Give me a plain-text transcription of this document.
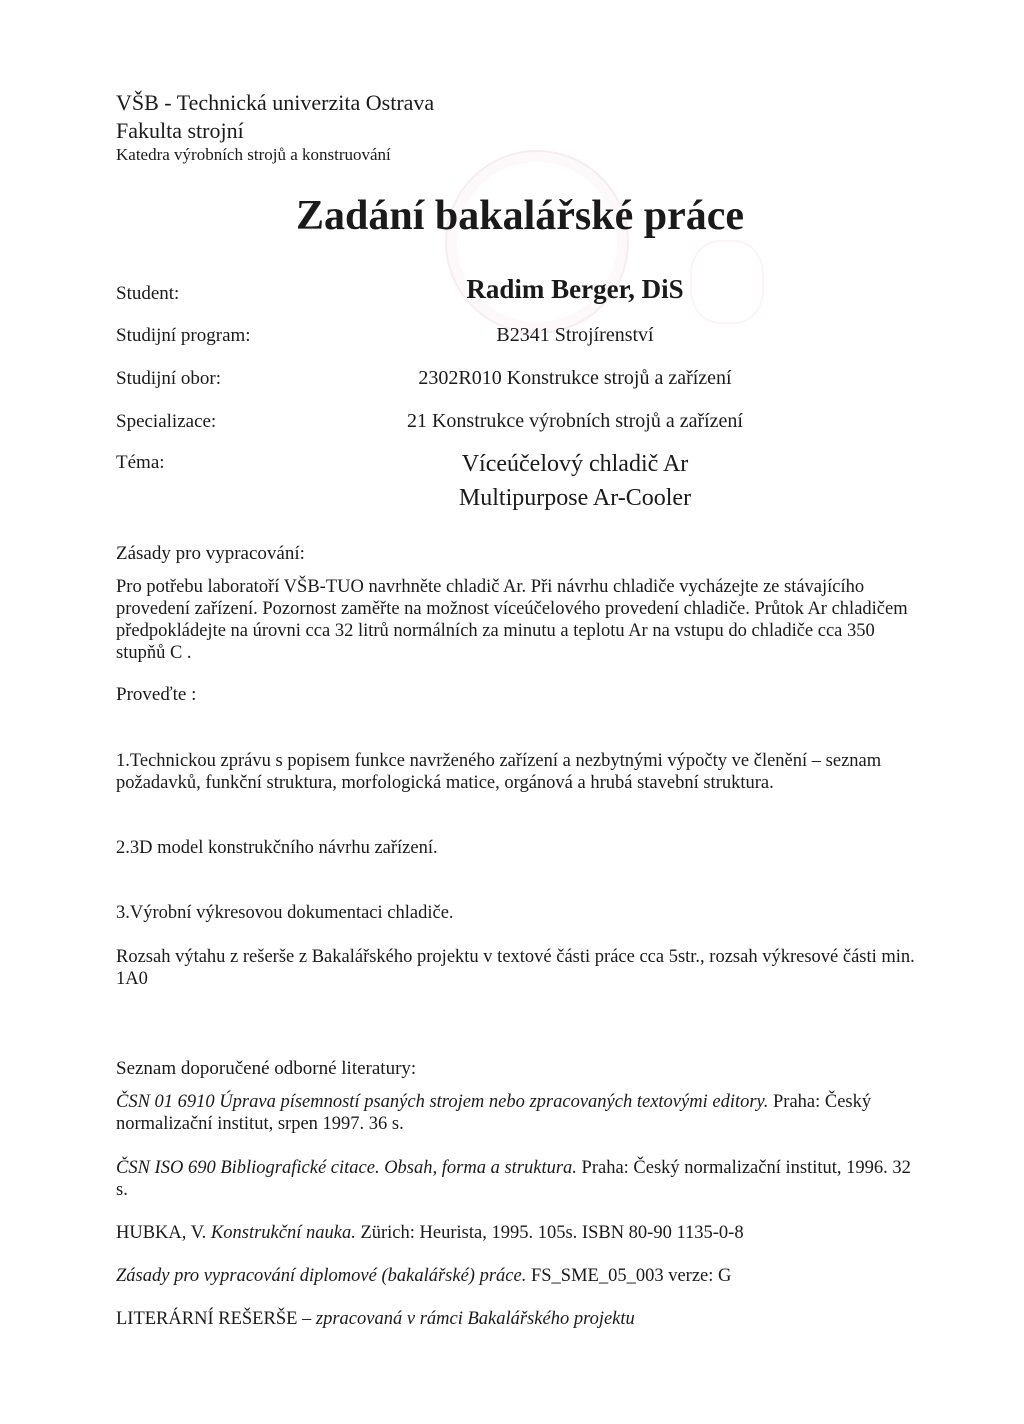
VŠB - Technická univerzita Ostrava

Fakulta strojní

Katedra výrobních strojů a konstruování

Zadání bakalářské práce

Student:	Radim Berger, DiS

Studijní program:	B2341 Strojírenství

Studijní obor:	2302R010 Konstrukce strojů a zařízení

Specializace:	21 Konstrukce výrobních strojů a zařízení

Téma:	Víceúčelový chladič Ar

Multipurpose Ar-Cooler

Zásady pro vypracování:

Pro potřebu laboratoří VŠB-TUO navrhněte chladič Ar. Při návrhu chladiče vycházejte ze stávajícího provedení zařízení. Pozornost zaměřte na možnost víceúčelového provedení chladiče. Průtok Ar chladičem předpokládejte na úrovni cca 32 litrů normálních za minutu a teplotu Ar na vstupu do chladiče cca 350 stupňů C .

Proveďte :

1.Technickou zprávu s popisem funkce navrženého zařízení a nezbytnými výpočty ve členění – seznam požadavků, funkční struktura, morfologická matice, orgánová a hrubá stavební struktura.

2.3D model konstrukčního návrhu zařízení.

3.Výrobní výkresovou dokumentaci chladiče.

Rozsah výtahu z rešerše z Bakalářského projektu v textové části práce cca 5str., rozsah výkresové části min. 1A0

Seznam doporučené odborné literatury:

ČSN 01 6910 Úprava písemností psaných strojem nebo zpracovaných textovými editory. Praha: Český normalizační institut, srpen 1997. 36 s.

ČSN ISO 690 Bibliografické citace. Obsah, forma a struktura. Praha: Český normalizační institut, 1996. 32 s.

HUBKA, V. Konstrukční nauka. Zürich: Heurista, 1995. 105s. ISBN 80-90 1135-0-8

Zásady pro vypracování diplomové (bakalářské) práce. FS_SME_05_003 verze: G

LITERÁRNÍ REŠERŠE – zpracovaná v rámci Bakalářského projektu
